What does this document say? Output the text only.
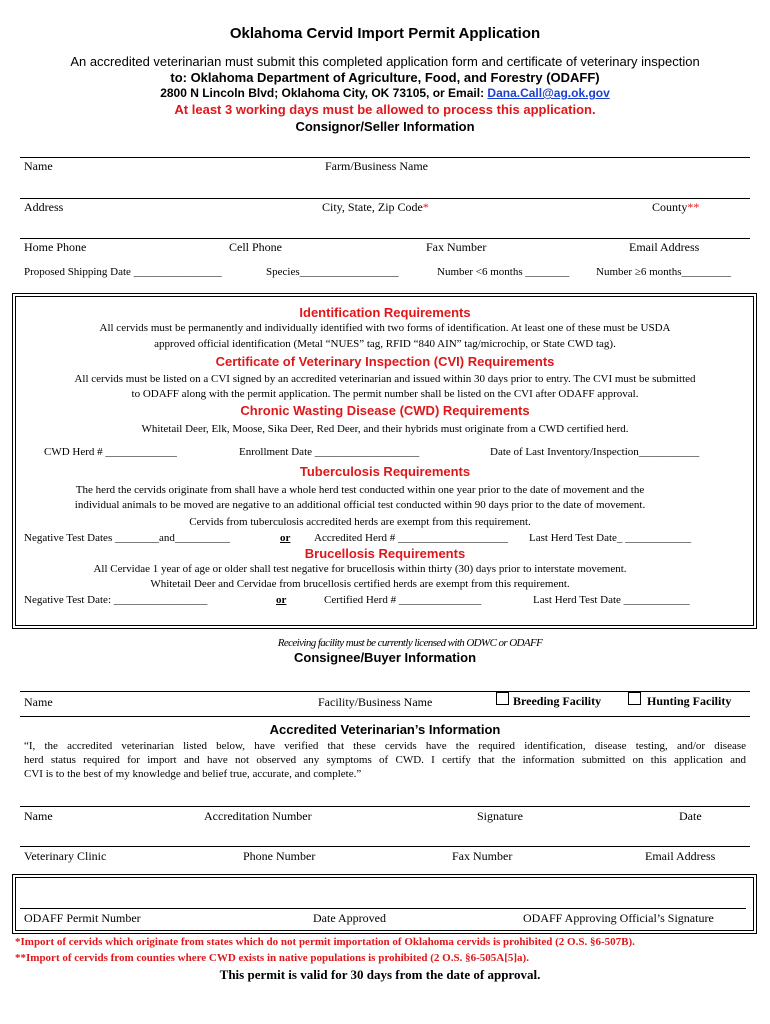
Oklahoma Cervid Import Permit Application
An accredited veterinarian must submit this completed application form and certificate of veterinary inspection
to: Oklahoma Department of Agriculture, Food, and Forestry (ODAFF)
2800 N Lincoln Blvd; Oklahoma City, OK 73105, or Email: Dana.Call@ag.ok.gov
At least 3 working days must be allowed to process this application.
Consignor/Seller Information
Name	Farm/Business Name
Address	City, State, Zip Code*	County**
Home Phone	Cell Phone	Fax Number	Email Address
Proposed Shipping Date ________________	Species__________________	Number <6 months ________ Number ≥6 months_________
Identification Requirements
All cervids must be permanently and individually identified with two forms of identification. At least one of these must be USDA
approved official identification (Metal “NUES” tag, RFID “840 AIN” tag/microchip, or State CWD tag).
Certificate of Veterinary Inspection (CVI) Requirements
All cervids must be listed on a CVI signed by an accredited veterinarian and issued within 30 days prior to entry. The CVI must be submitted
to ODAFF along with the permit application. The permit number shall be listed on the CVI after ODAFF approval.
Chronic Wasting Disease (CWD) Requirements
Whitetail Deer, Elk, Moose, Sika Deer, Red Deer, and their hybrids must originate from a CWD certified herd.
CWD Herd # _____________	Enrollment Date ___________________	Date of Last Inventory/Inspection___________
Tuberculosis Requirements
The herd the cervids originate from shall have a whole herd test conducted within one year prior to the date of movement and the
individual animals to be moved are negative to an additional official test conducted within 90 days prior to the date of movement.
Cervids from tuberculosis accredited herds are exempt from this requirement.
Negative Test Dates ________and__________	or Accredited Herd # ____________________ Last Herd Test Date_ ____________
Brucellosis Requirements
All Cervidae 1 year of age or older shall test negative for brucellosis within thirty (30) days prior to interstate movement.
Whitetail Deer and Cervidae from brucellosis certified herds are exempt from this requirement.
Negative Test Date: _________________	or	Certified Herd # _______________	Last Herd Test Date ____________
Receiving facility must be currently licensed with ODWC or ODAFF
Consignee/Buyer Information
Name	Facility/Business Name	Breeding Facility	Hunting Facility
Accredited Veterinarian’s Information
“I, the accredited veterinarian listed below, have verified that these cervids have the required identification, disease testing, and/or disease
herd status required for import and have not observed any symptoms of CWD. I certify that the information submitted on this application and
CVI is to the best of my knowledge and belief true, accurate, and complete.”
Name	Accreditation Number	Signature	Date
Veterinary Clinic	Phone Number	Fax Number	Email Address
ODAFF Permit Number	Date Approved	ODAFF Approving Official’s Signature
*Import of cervids which originate from states which do not permit importation of Oklahoma cervids is prohibited (2 O.S. §6-507B).
**Import of cervids from counties where CWD exists in native populations is prohibited (2 O.S. §6-505A[5]a).
This permit is valid for 30 days from the date of approval.
